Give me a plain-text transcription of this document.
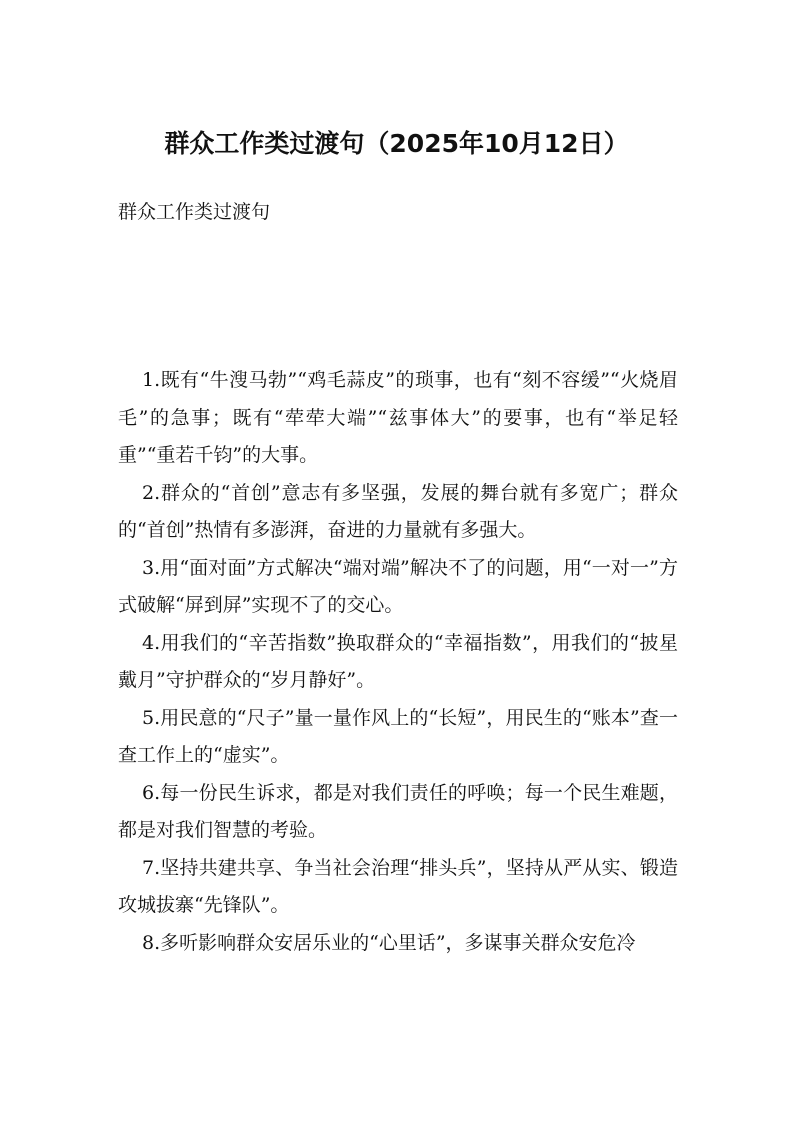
群众工作类过渡句（2025年10月12日）

群众工作类过渡句

1.既有“牛溲马勃”“鸡毛蒜皮”的琐事，也有“刻不容缓”“火烧眉毛”的急事；既有“荦荦大端”“兹事体大”的要事，也有“举足轻重”“重若千钧”的大事。

2.群众的“首创”意志有多坚强，发展的舞台就有多宽广；群众的“首创”热情有多澎湃，奋进的力量就有多强大。

3.用“面对面”方式解决“端对端”解决不了的问题，用“一对一”方式破解“屏到屏”实现不了的交心。

4.用我们的“辛苦指数”换取群众的“幸福指数”，用我们的“披星戴月”守护群众的“岁月静好”。

5.用民意的“尺子”量一量作风上的“长短”，用民生的“账本”查一查工作上的“虚实”。

6.每一份民生诉求，都是对我们责任的呼唤；每一个民生难题，都是对我们智慧的考验。

7.坚持共建共享、争当社会治理“排头兵”，坚持从严从实、锻造攻城拔寨“先锋队”。

8.多听影响群众安居乐业的“心里话”，多谋事关群众安危冷
